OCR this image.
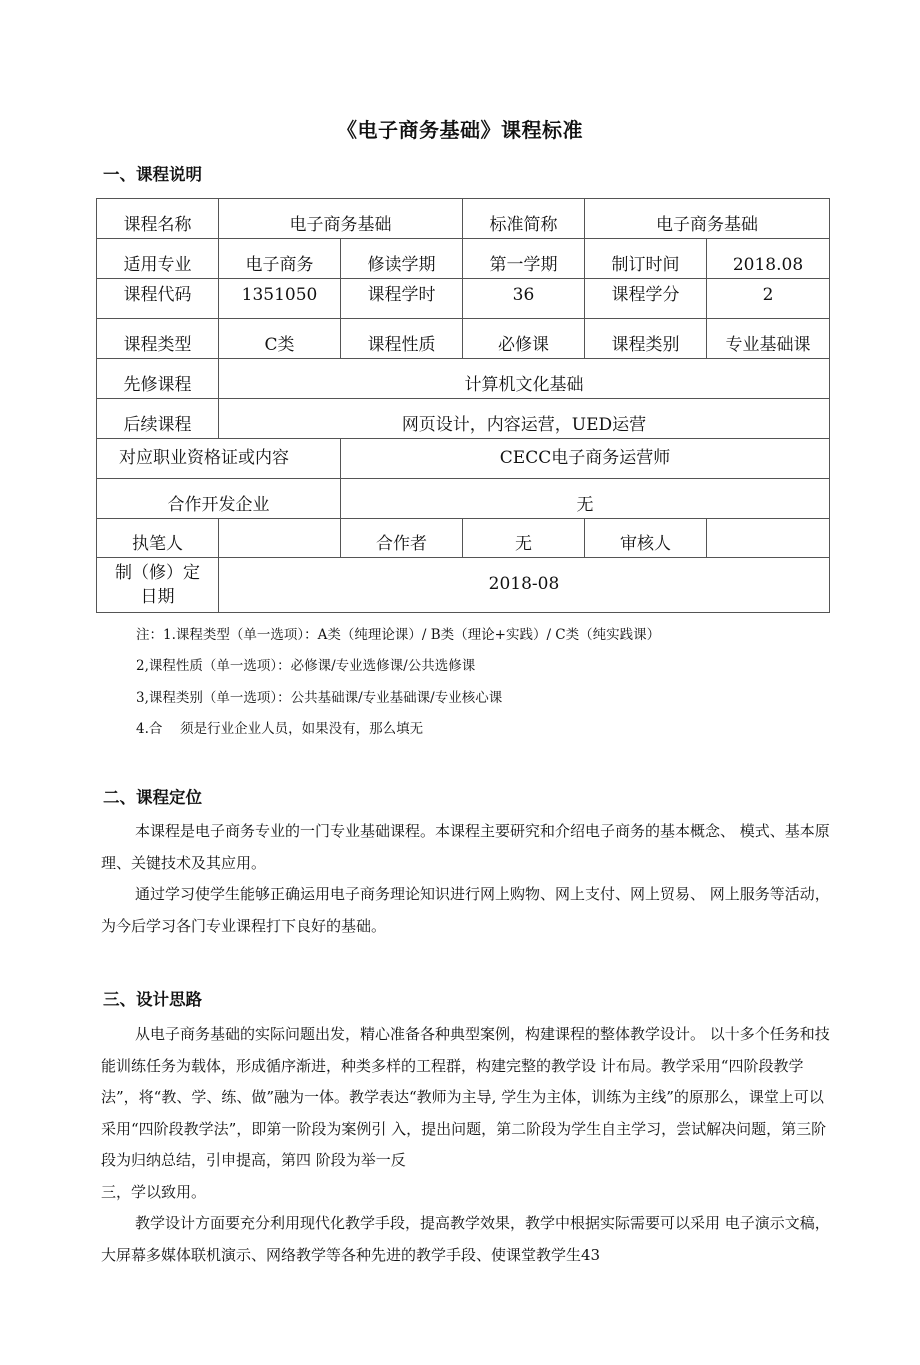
《电子商务基础》课程标准
一、课程说明
课程名称	电子商务基础		标准简称	电子商务基础	
适用专业	电子商务	修读学期	第一学期	制订时间	2018.08
课程代码	1351050	课程学时	36	课程学分	2
课程类型	C类	课程性质	必修课	课程类别	专业基础课
先修课程	计算机文化基础				
后续课程	网页设计，内容运营，UED运营				
对应职业资格证或内容		CECC电子商务运营师			
合作开发企业		无			
执笔人		合作者	无	审核人	

制（修）定
日期	2018-08				
注：1.课程类型（单一选项）：A类（纯理论课）/ B类（理论+实践）/ C类（纯实践课）
2,课程性质（单一选项）：必修课/专业选修课/公共选修课
3,课程类别（单一选项）：公共基础课/专业基础课/专业核心课
4.合　 须是行业企业人员，如果没有，那么填无
二、课程定位

本课程是电子商务专业的一门专业基础课程。本课程主要研究和介绍电子商务的基本概念、 模式、基本原理、关键技术及其应用。

通过学习使学生能够正确运用电子商务理论知识进行网上购物、网上支付、网上贸易、 网上服务等活动，为今后学习各门专业课程打下良好的基础。

三、设计思路

从电子商务基础的实际问题出发，精心准备各种典型案例，构建课程的整体教学设计。 以十多个任务和技能训练任务为载体，形成循序渐进，种类多样的工程群，构建完整的教学设 计布局。教学采用“四阶段教学法”，将“教、学、练、做”融为一体。教学表达“教师为主导, 学生为主体，训练为主线”的原那么，课堂上可以采用“四阶段教学法”，即第一阶段为案例引 入，提出问题，第二阶段为学生自主学习，尝试解决问题，第三阶段为归纳总结，引申提高，第四 阶段为举一反

三，学以致用。

教学设计方面要充分利用现代化教学手段，提高教学效果，教学中根据实际需要可以采用 电子演示文稿，大屏幕多媒体联机演示、网络教学等各种先进的教学手段、使课堂教学生43
